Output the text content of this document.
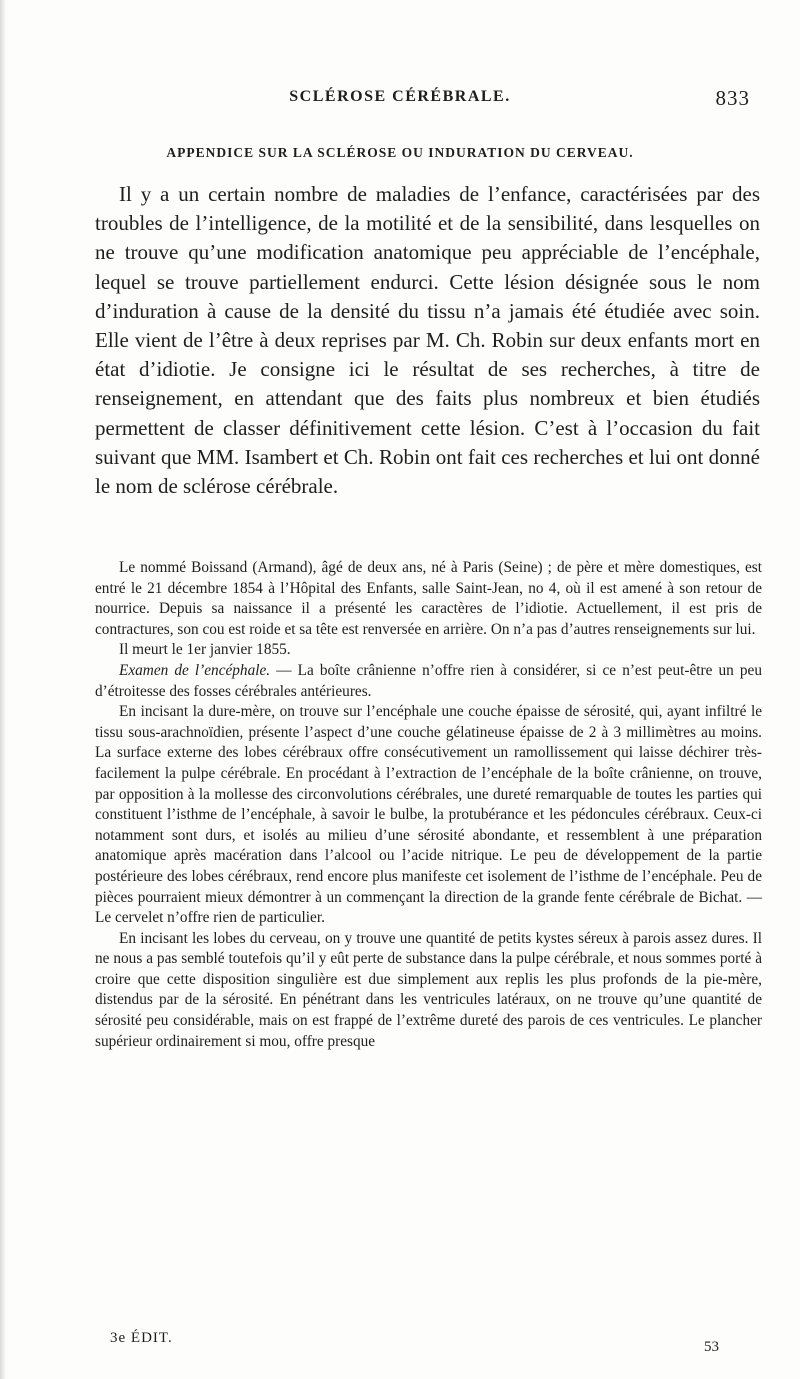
SCLÉROSE CÉRÉBRALE.	833
APPENDICE SUR LA SCLÉROSE OU INDURATION DU CERVEAU.

Il y a un certain nombre de maladies de l’enfance, caractérisées par des troubles de l’intelligence, de la motilité et de la sensibilité, dans lesquelles on ne trouve qu’une modification anatomique peu appréciable de l’encéphale, lequel se trouve partiellement endurci. Cette lésion désignée sous le nom d’induration à cause de la densité du tissu n’a jamais été étudiée avec soin. Elle vient de l’être à deux reprises par M. Ch. Robin sur deux enfants mort en état d’idiotie. Je consigne ici le résultat de ses recherches, à titre de renseignement, en attendant que des faits plus nombreux et bien étudiés permettent de classer définitivement cette lésion. C’est à l’occasion du fait suivant que MM. Isambert et Ch. Robin ont fait ces recherches et lui ont donné le nom de sclérose cérébrale.

Le nommé Boissand (Armand), âgé de deux ans, né à Paris (Seine) ; de père et mère domestiques, est entré le 21 décembre 1854 à l’Hôpital des Enfants, salle Saint-Jean, no 4, où il est amené à son retour de nourrice. Depuis sa naissance il a présenté les caractères de l’idiotie. Actuellement, il est pris de contractures, son cou est roide et sa tête est renversée en arrière. On n’a pas d’autres renseignements sur lui.

Il meurt le 1er janvier 1855.

Examen de l’encéphale. — La boîte crânienne n’offre rien à considérer, si ce n’est peut-être un peu d’étroitesse des fosses cérébrales antérieures.

En incisant la dure-mère, on trouve sur l’encéphale une couche épaisse de sérosité, qui, ayant infiltré le tissu sous-arachnoïdien, présente l’aspect d’une couche gélatineuse épaisse de 2 à 3 millimètres au moins. La surface externe des lobes cérébraux offre consécutivement un ramollissement qui laisse déchirer très-facilement la pulpe cérébrale. En procédant à l’extraction de l’encéphale de la boîte crânienne, on trouve, par opposition à la mollesse des circonvolutions cérébrales, une dureté remarquable de toutes les parties qui constituent l’isthme de l’encéphale, à savoir le bulbe, la protubérance et les pédoncules cérébraux. Ceux-ci notamment sont durs, et isolés au milieu d’une sérosité abondante, et ressemblent à une préparation anatomique après macération dans l’alcool ou l’acide nitrique. Le peu de développement de la partie postérieure des lobes cérébraux, rend encore plus manifeste cet isolement de l’isthme de l’encéphale. Peu de pièces pourraient mieux démontrer à un commençant la direction de la grande fente cérébrale de Bichat. — Le cervelet n’offre rien de particulier.

En incisant les lobes du cerveau, on y trouve une quantité de petits kystes séreux à parois assez dures. Il ne nous a pas semblé toutefois qu’il y eût perte de substance dans la pulpe cérébrale, et nous sommes porté à croire que cette disposition singulière est due simplement aux replis les plus profonds de la pie-mère, distendus par de la sérosité. En pénétrant dans les ventricules latéraux, on ne trouve qu’une quantité de sérosité peu considérable, mais on est frappé de l’extrême dureté des parois de ces ventricules. Le plancher supérieur ordinairement si mou, offre presque

3e ÉDIT.
53
